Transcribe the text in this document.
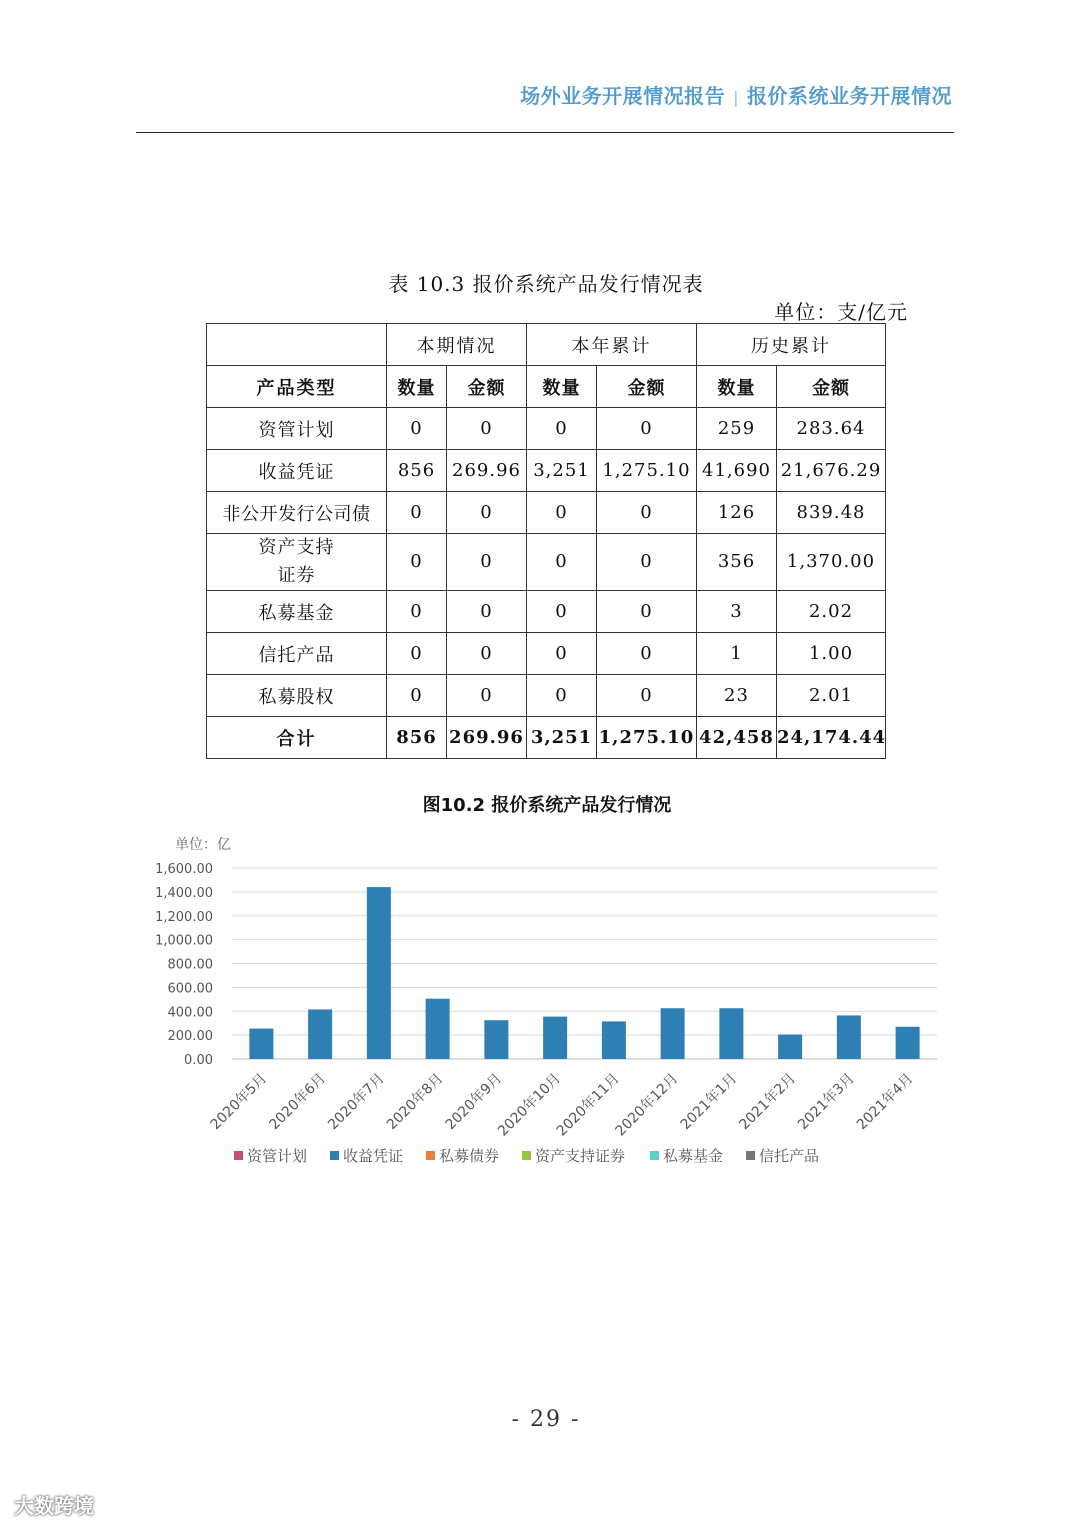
场外业务开展情况报告 | 报价系统业务开展情况
表 10.3 报价系统产品发行情况表
单位：支/亿元
	本期情况		本年累计		历史累计	
产品类型	数量	金额	数量	金额	数量	金额
资管计划	0	0	0	0	259	283.64
收益凭证	856	269.96	3,251	1,275.10	41,690	21,676.29
非公开发行公司债	0	0	0	0	126	839.48
资产支持
证券	0	0	0	0	356	1,370.00
私募基金	0	0	0	0	3	2.02
信托产品	0	0	0	0	1	1.00
私募股权	0	0	0	0	23	2.01
合计	856	269.96	3,251	1,275.10	42,458	24,174.44
图10.2 报价系统产品发行情况
单位：亿
0.00
200.00
400.00
600.00
800.00
1,000.00
1,200.00
1,400.00
1,600.00
2020年5月
2020年6月
2020年7月
2020年8月
2020年9月
2020年10月
2020年11月
2020年12月
2021年1月
2021年2月
2021年3月
2021年4月
资管计划 收益凭证 私募债券 资产支持证券	私募基金 信托产品
- 29 -
大数跨境
